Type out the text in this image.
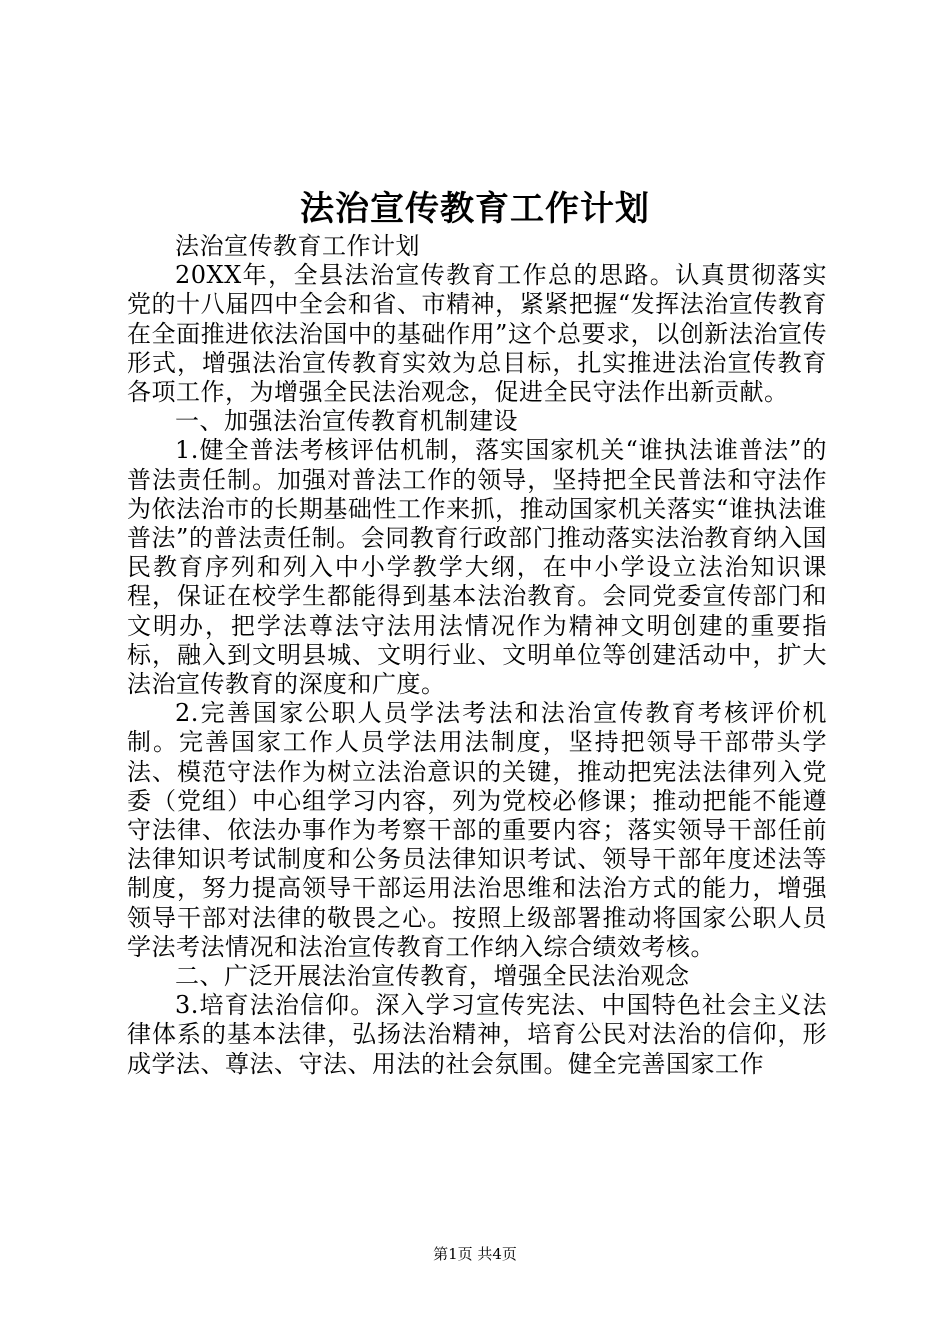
法治宣传教育工作计划

法治宣传教育工作计划

20XX年，全县法治宣传教育工作总的思路。认真贯彻落实党的十八届四中全会和省、市精神，紧紧把握“发挥法治宣传教育在全面推进依法治国中的基础作用”这个总要求，以创新法治宣传形式，增强法治宣传教育实效为总目标，扎实推进法治宣传教育各项工作，为增强全民法治观念，促进全民守法作出新贡献。

一、加强法治宣传教育机制建设

1.健全普法考核评估机制，落实国家机关“谁执法谁普法”的普法责任制。加强对普法工作的领导，坚持把全民普法和守法作为依法治市的长期基础性工作来抓，推动国家机关落实“谁执法谁普法”的普法责任制。会同教育行政部门推动落实法治教育纳入国民教育序列和列入中小学教学大纲，在中小学设立法治知识课程，保证在校学生都能得到基本法治教育。会同党委宣传部门和文明办，把学法尊法守法用法情况作为精神文明创建的重要指标，融入到文明县城、文明行业、文明单位等创建活动中，扩大法治宣传教育的深度和广度。

2.完善国家公职人员学法考法和法治宣传教育考核评价机制。完善国家工作人员学法用法制度，坚持把领导干部带头学法、模范守法作为树立法治意识的关键，推动把宪法法律列入党委（党组）中心组学习内容，列为党校必修课；推动把能不能遵守法律、依法办事作为考察干部的重要内容；落实领导干部任前法律知识考试制度和公务员法律知识考试、领导干部年度述法等制度，努力提高领导干部运用法治思维和法治方式的能力，增强领导干部对法律的敬畏之心。按照上级部署推动将国家公职人员学法考法情况和法治宣传教育工作纳入综合绩效考核。

二、广泛开展法治宣传教育，增强全民法治观念

3.培育法治信仰。深入学习宣传宪法、中国特色社会主义法律体系的基本法律，弘扬法治精神，培育公民对法治的信仰，形成学法、尊法、守法、用法的社会氛围。健全完善国家工作

第1页 共4页
